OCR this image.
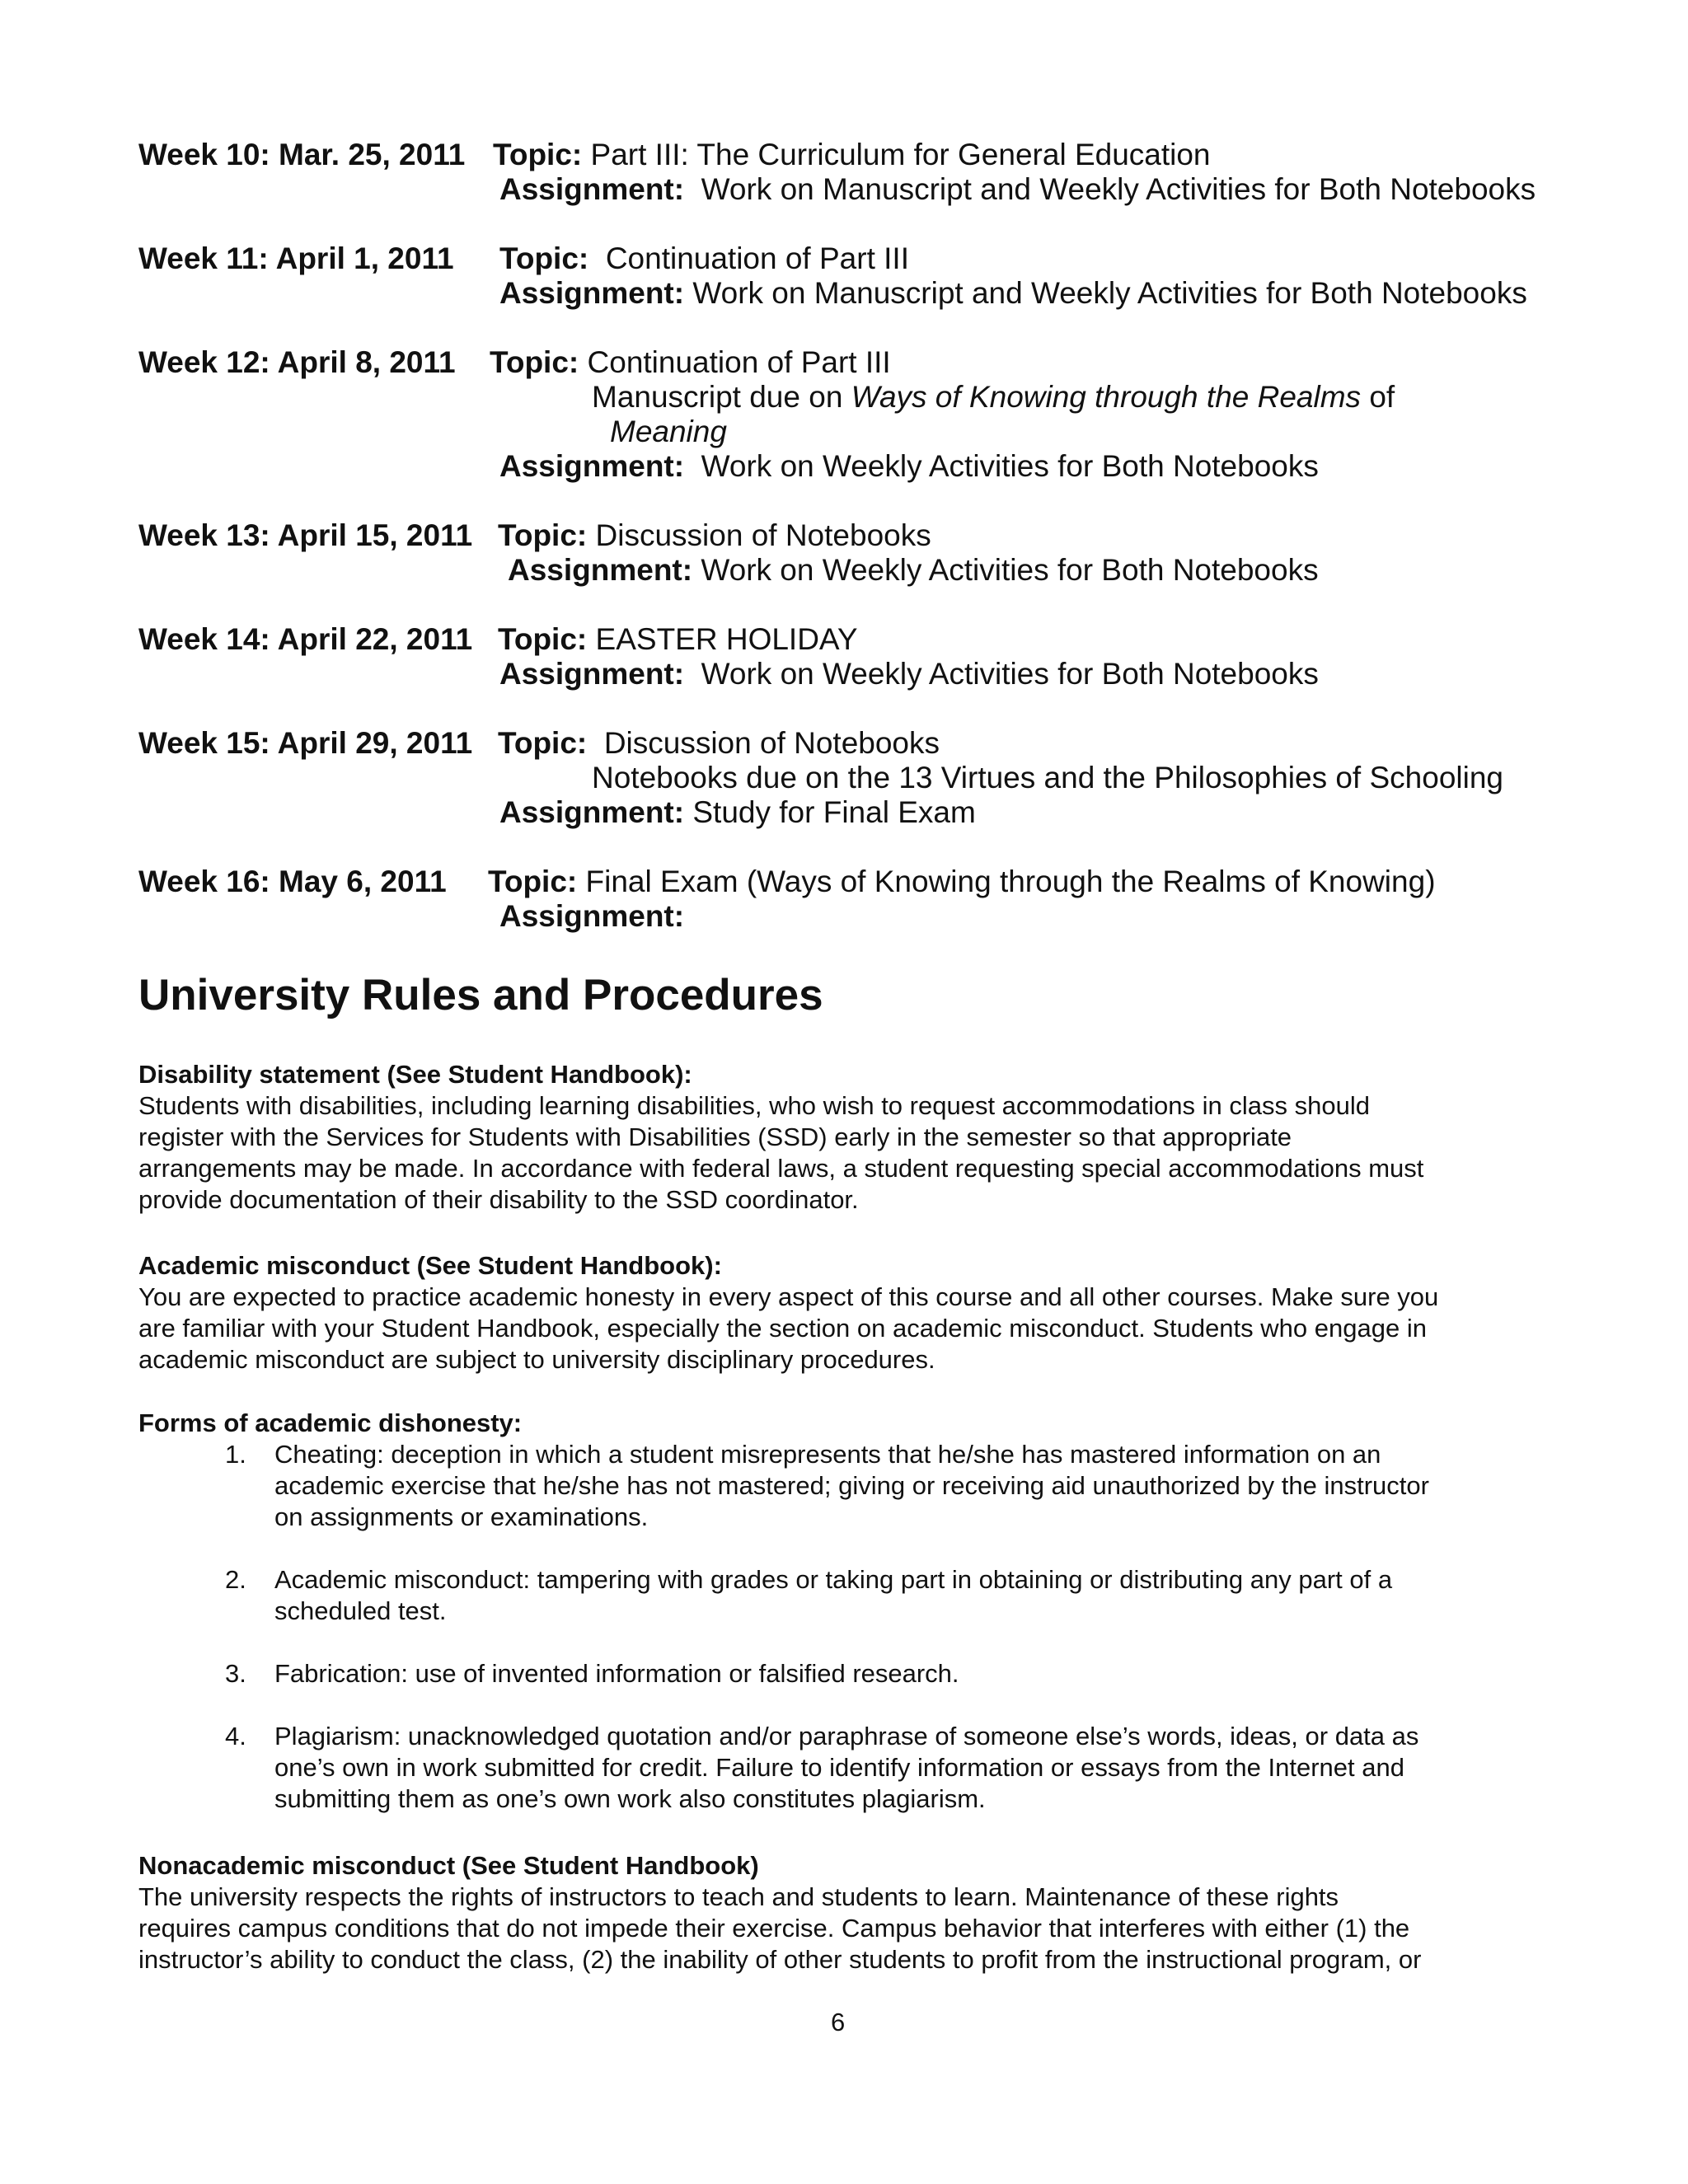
Week 10: Mar. 25, 2011 Topic: Part III: The Curriculum for General Education
Assignment: Work on Manuscript and Weekly Activities for Both Notebooks
Week 11: April 1, 2011 Topic: Continuation of Part III
Assignment: Work on Manuscript and Weekly Activities for Both Notebooks
Week 12: April 8, 2011 Topic: Continuation of Part III
Manuscript due on Ways of Knowing through the Realms of
Meaning
Assignment: Work on Weekly Activities for Both Notebooks
Week 13: April 15, 2011 Topic: Discussion of Notebooks
Assignment: Work on Weekly Activities for Both Notebooks
Week 14: April 22, 2011 Topic: EASTER HOLIDAY
Assignment: Work on Weekly Activities for Both Notebooks
Week 15: April 29, 2011 Topic: Discussion of Notebooks
Notebooks due on the 13 Virtues and the Philosophies of Schooling
Assignment: Study for Final Exam
Week 16: May 6, 2011 Topic: Final Exam (Ways of Knowing through the Realms of Knowing)
Assignment:
University Rules and Procedures
Disability statement (See Student Handbook):
Students with disabilities, including learning disabilities, who wish to request accommodations in class should
register with the Services for Students with Disabilities (SSD) early in the semester so that appropriate
arrangements may be made. In accordance with federal laws, a student requesting special accommodations must
provide documentation of their disability to the SSD coordinator.
Academic misconduct (See Student Handbook):
You are expected to practice academic honesty in every aspect of this course and all other courses. Make sure you
are familiar with your Student Handbook, especially the section on academic misconduct. Students who engage in
academic misconduct are subject to university disciplinary procedures.
Forms of academic dishonesty:
1. Cheating: deception in which a student misrepresents that he/she has mastered information on an
academic exercise that he/she has not mastered; giving or receiving aid unauthorized by the instructor
on assignments or examinations.
2. Academic misconduct: tampering with grades or taking part in obtaining or distributing any part of a
scheduled test.
3. Fabrication: use of invented information or falsified research.
4. Plagiarism: unacknowledged quotation and/or paraphrase of someone else’s words, ideas, or data as
one’s own in work submitted for credit. Failure to identify information or essays from the Internet and
submitting them as one’s own work also constitutes plagiarism.
Nonacademic misconduct (See Student Handbook)
The university respects the rights of instructors to teach and students to learn. Maintenance of these rights
requires campus conditions that do not impede their exercise. Campus behavior that interferes with either (1) the
instructor’s ability to conduct the class, (2) the inability of other students to profit from the instructional program, or
6
